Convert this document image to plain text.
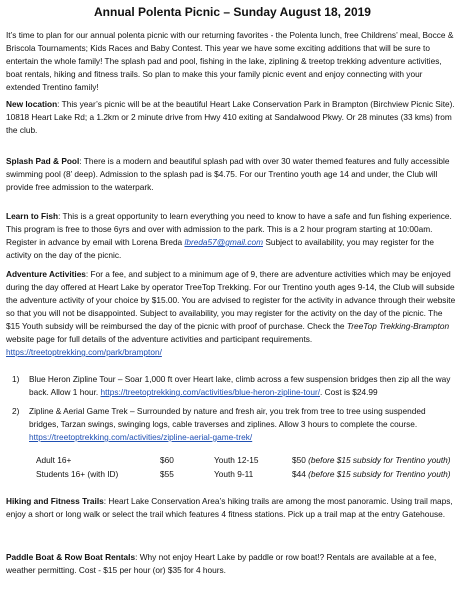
Annual Polenta Picnic – Sunday August 18, 2019
It’s time to plan for our annual polenta picnic with our returning favorites - the Polenta lunch, free Childrens’ meal, Bocce & Briscola Tournaments; Kids Races and Baby Contest. This year we have some exciting additions that will be sure to entertain the whole family! The splash pad and pool, fishing in the lake, ziplining & treetop trekking adventure activities, boat rentals, hiking and fitness trails. So plan to make this your family picnic event and enjoy connecting with your extended Trentino family!
New location: This year’s picnic will be at the beautiful Heart Lake Conservation Park in Brampton (Birchview Picnic Site). 10818 Heart Lake Rd; a 1.2km or 2 minute drive from Hwy 410 exiting at Sandalwood Pkwy. Or 28 minutes (33 kms) from the club.
Splash Pad & Pool: There is a modern and beautiful splash pad with over 30 water themed features and fully accessible swimming pool (8’ deep). Admission to the splash pad is $4.75. For our Trentino youth age 14 and under, the Club will provide free admission to the waterpark.
Learn to Fish: This is a great opportunity to learn everything you need to know to have a safe and fun fishing experience. This program is free to those 6yrs and over with admission to the park. This is a 2 hour program starting at 10:00am. Register in advance by email with Lorena Breda lbreda57@gmail.com Subject to availability, you may register for the activity on the day of the picnic.
Adventure Activities: For a fee, and subject to a minimum age of 9, there are adventure activities which may be enjoyed during the day offered at Heart Lake by operator TreeTop Trekking. For our Trentino youth ages 9-14, the Club will subside the adventure activity of your choice by $15.00. You are advised to register for the activity in advance through their website so that you will not be disappointed. Subject to availability, you may register for the activity on the day of the picnic. The $15 Youth subsidy will be reimbursed the day of the picnic with proof of purchase. Check the TreeTop Trekking-Brampton website page for full details of the adventure activities and participant requirements. https://treetoptrekking.com/park/brampton/
1)	Blue Heron Zipline Tour – Soar 1,000 ft over Heart lake, climb across a few suspension bridges then zip all the way back. Allow 1 hour. https://treetoptrekking.com/activities/blue-heron-zipline-tour/. Cost is $24.99
2)	Zipline & Aerial Game Trek – Surrounded by nature and fresh air, you trek from tree to tree using suspended bridges, Tarzan swings, swinging logs, cable traverses and ziplines. Allow 3 hours to complete the course. https://treetoptrekking.com/activities/zipline-aerial-game-trek/
Adult 16+	$60	Youth 12-15	$50 (before $15 subsidy for Trentino youth)
Students 16+ (with ID)	$55	Youth 9-11	$44 (before $15 subsidy for Trentino youth)
Hiking and Fitness Trails: Heart Lake Conservation Area’s hiking trails are among the most panoramic. Using trail maps, enjoy a short or long walk or select the trail which features 4 fitness stations. Pick up a trail map at the entry Gatehouse.
Paddle Boat & Row Boat Rentals: Why not enjoy Heart Lake by paddle or row boat!? Rentals are available at a fee, weather permitting. Cost - $15 per hour (or) $35 for 4 hours.
